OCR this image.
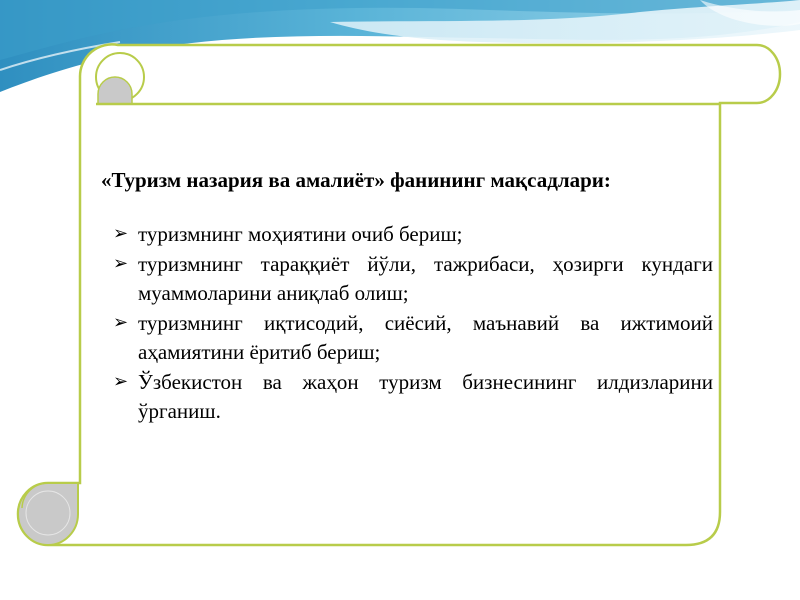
«Туризм назария ва амалиёт» фанининг мақсадлари:
➢ туризмнинг моҳиятини очиб бериш;
➢ туризмнинг тараққиёт йўли, тажрибаси, ҳозирги кундаги муаммоларини аниқлаб олиш;
➢ туризмнинг иқтисодий, сиёсий, маънавий ва ижтимоий аҳамиятини ёритиб бериш;
➢ Ўзбекистон ва жаҳон туризм бизнесининг илдизларини ўрганиш.
